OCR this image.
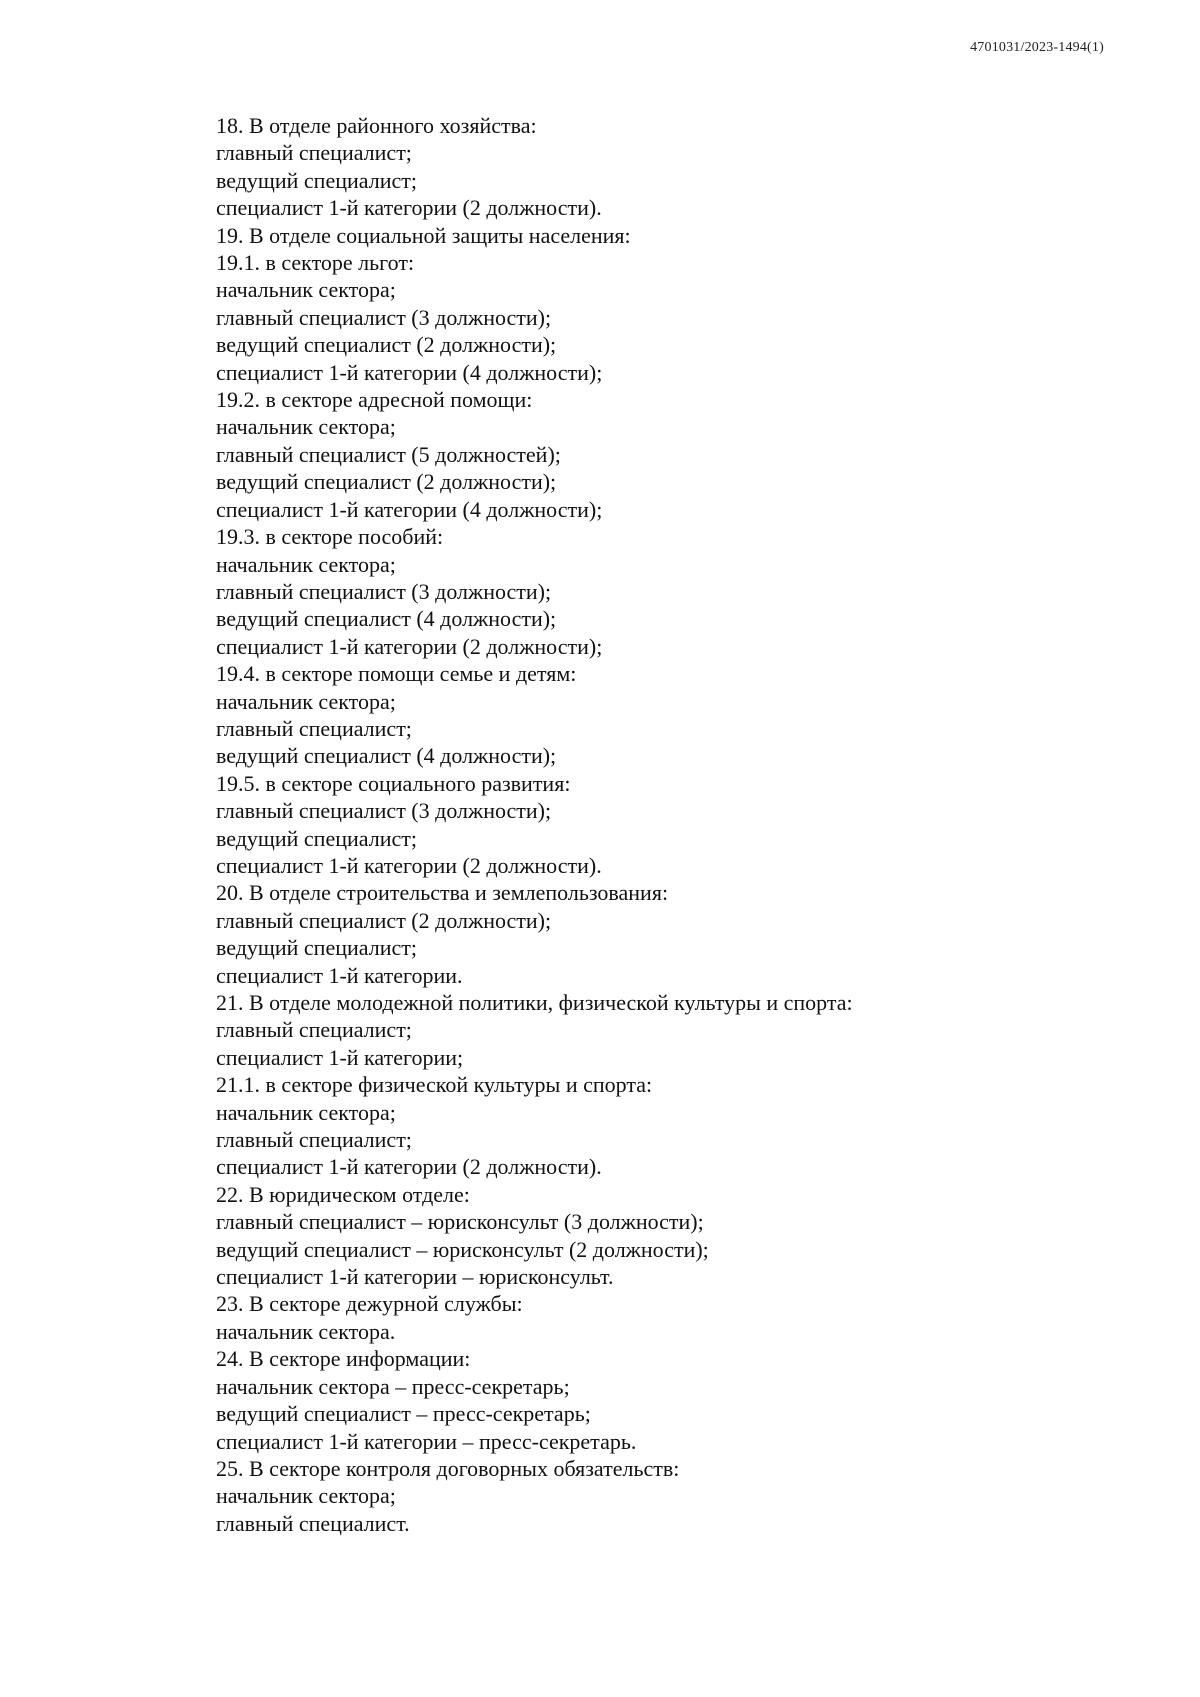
4701031/2023-1494(1)
18. В отделе районного хозяйства:
главный специалист;
ведущий специалист;
специалист 1-й категории (2 должности).
19. В отделе социальной защиты населения:
19.1. в секторе льгот:
начальник сектора;
главный специалист (3 должности);
ведущий специалист (2 должности);
специалист 1-й категории (4 должности);
19.2. в секторе адресной помощи:
начальник сектора;
главный специалист (5 должностей);
ведущий специалист (2 должности);
специалист 1-й категории (4 должности);
19.3. в секторе пособий:
начальник сектора;
главный специалист (3 должности);
ведущий специалист (4 должности);
специалист 1-й категории (2 должности);
19.4. в секторе помощи семье и детям:
начальник сектора;
главный специалист;
ведущий специалист (4 должности);
19.5. в секторе социального развития:
главный специалист (3 должности);
ведущий специалист;
специалист 1-й категории (2 должности).
20. В отделе строительства и землепользования:
главный специалист (2 должности);
ведущий специалист;
специалист 1-й категории.
21. В отделе молодежной политики, физической культуры и спорта:
главный специалист;
специалист 1-й категории;
21.1. в секторе физической культуры и спорта:
начальник сектора;
главный специалист;
специалист 1-й категории (2 должности).
22. В юридическом отделе:
главный специалист – юрисконсульт (3 должности);
ведущий специалист – юрисконсульт (2 должности);
специалист 1-й категории – юрисконсульт.
23. В секторе дежурной службы:
начальник сектора.
24. В секторе информации:
начальник сектора – пресс-секретарь;
ведущий специалист – пресс-секретарь;
специалист 1-й категории – пресс-секретарь.
25. В секторе контроля договорных обязательств:
начальник сектора;
главный специалист.
